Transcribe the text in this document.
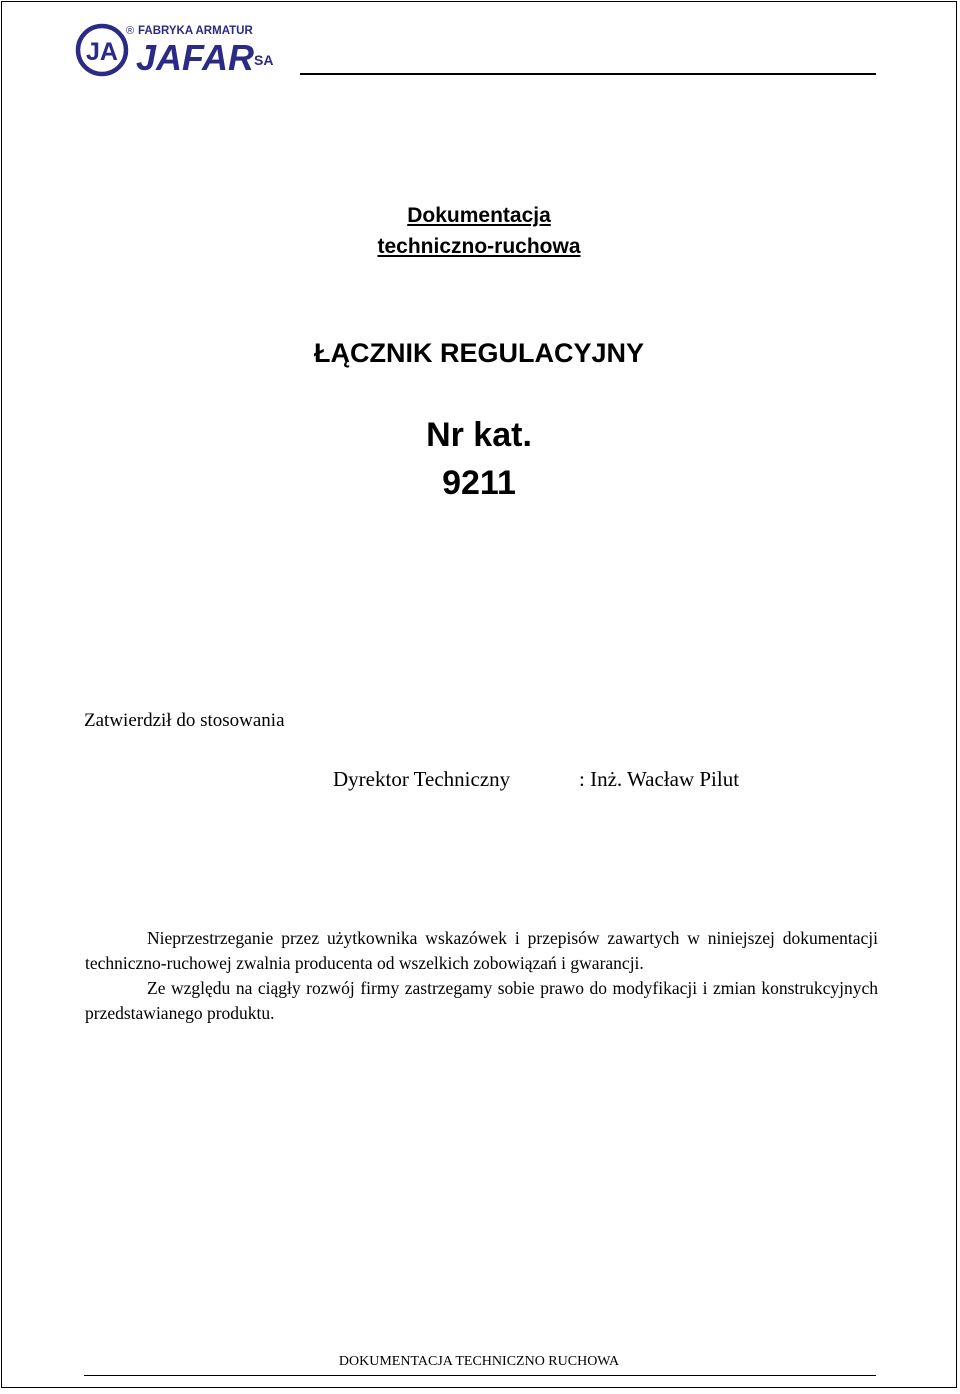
JA
® FABRYKA ARMATUR
JAFAR SA
Dokumentacja
techniczno-ruchowa
ŁĄCZNIK REGULACYJNY
Nr kat.
9211
Zatwierdził do stosowania
Dyrektor Techniczny	: Inż. Wacław Pilut

Nieprzestrzeganie przez użytkownika wskazówek i przepisów zawartych w niniejszej dokumentacji techniczno-ruchowej zwalnia producenta od wszelkich zobowiązań i gwarancji.

Ze względu na ciągły rozwój firmy zastrzegamy sobie prawo do modyfikacji i zmian konstrukcyjnych przedstawianego produktu.

DOKUMENTACJA TECHNICZNO RUCHOWA
